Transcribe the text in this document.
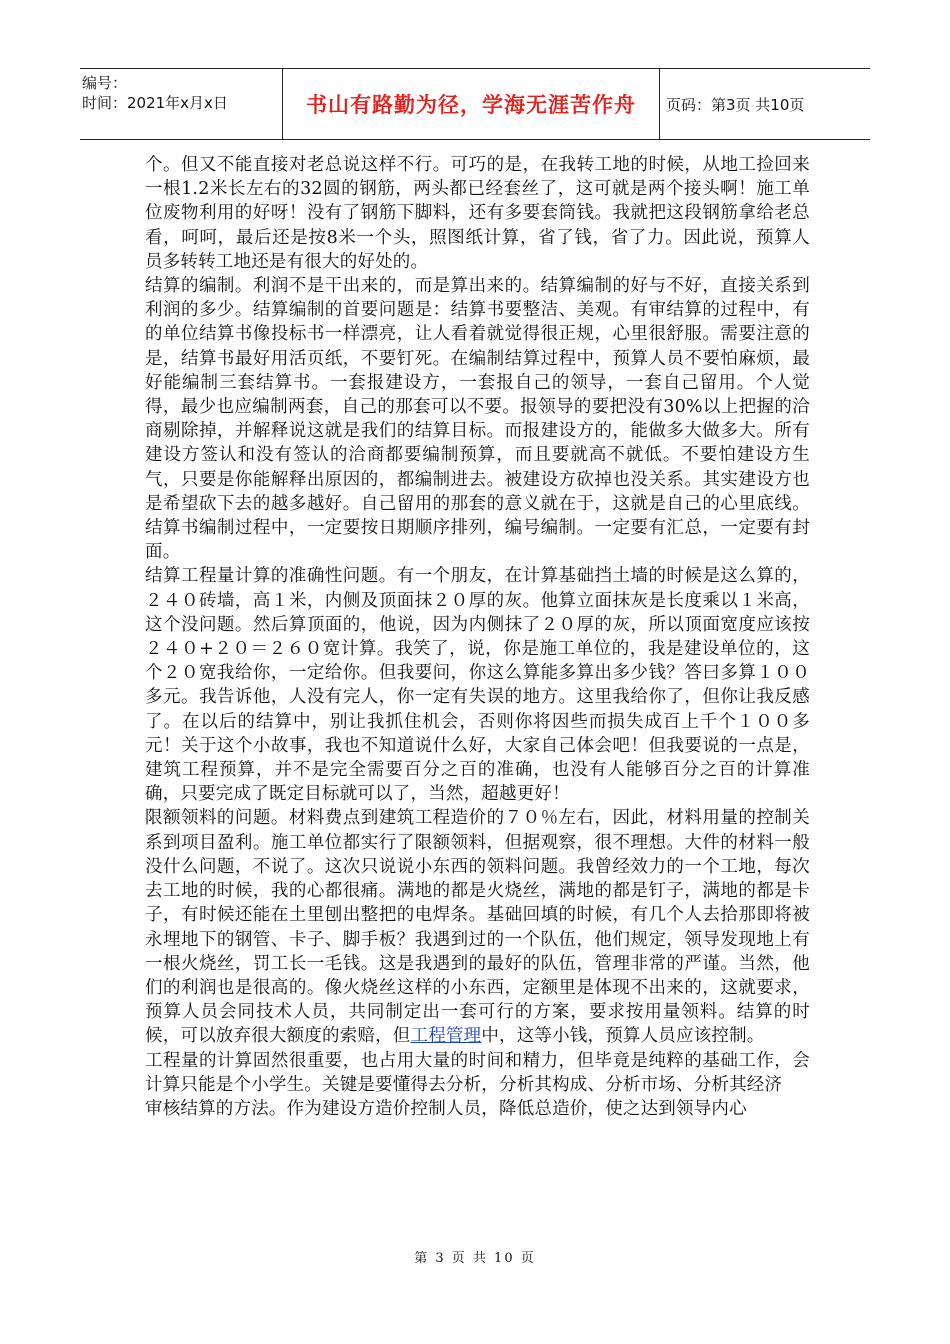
编号：
时间：2021年x月x日	书山有路勤为径，学海无涯苦作舟	页码：第3页 共10页

个。但又不能直接对老总说这样不行。可巧的是，在我转工地的时候，从地工捡回来一根1.2米长左右的32圆的钢筋，两头都已经套丝了，这可就是两个接头啊！施工单位废物利用的好呀！没有了钢筋下脚料，还有多要套筒钱。我就把这段钢筋拿给老总看，呵呵，最后还是按8米一个头，照图纸计算，省了钱，省了力。因此说，预算人员多转转工地还是有很大的好处的。

结算的编制。利润不是干出来的，而是算出来的。结算编制的好与不好，直接关系到利润的多少。结算编制的首要问题是：结算书要整洁、美观。有审结算的过程中，有的单位结算书像投标书一样漂亮，让人看着就觉得很正规，心里很舒服。需要注意的是，结算书最好用活页纸，不要钉死。在编制结算过程中，预算人员不要怕麻烦，最好能编制三套结算书。一套报建设方，一套报自己的领导，一套自己留用。个人觉得，最少也应编制两套，自己的那套可以不要。报领导的要把没有30%以上把握的洽商剔除掉，并解释说这就是我们的结算目标。而报建设方的，能做多大做多大。所有建设方签认和没有签认的洽商都要编制预算，而且要就高不就低。不要怕建设方生气，只要是你能解释出原因的，都编制进去。被建设方砍掉也没关系。其实建设方也是希望砍下去的越多越好。自己留用的那套的意义就在于，这就是自己的心里底线。结算书编制过程中，一定要按日期顺序排列，编号编制。一定要有汇总，一定要有封面。

结算工程量计算的准确性问题。有一个朋友，在计算基础挡土墙的时候是这么算的，２４０砖墙，高１米，内侧及顶面抹２０厚的灰。他算立面抹灰是长度乘以１米高，这个没问题。然后算顶面的，他说，因为内侧抹了２０厚的灰，所以顶面宽度应该按２４０+２０＝２６０宽计算。我笑了，说，你是施工单位的，我是建设单位的，这个２０宽我给你，一定给你。但我要问，你这么算能多算出多少钱？答曰多算１００多元。我告诉他，人没有完人，你一定有失误的地方。这里我给你了，但你让我反感了。在以后的结算中，别让我抓住机会，否则你将因些而损失成百上千个１００多元！关于这个小故事，我也不知道说什么好，大家自己体会吧！但我要说的一点是，建筑工程预算，并不是完全需要百分之百的准确，也没有人能够百分之百的计算准确，只要完成了既定目标就可以了，当然，超越更好！

限额领料的问题。材料费点到建筑工程造价的７０％左右，因此，材料用量的控制关系到项目盈利。施工单位都实行了限额领料，但据观察，很不理想。大件的材料一般没什么问题，不说了。这次只说说小东西的领料问题。我曾经效力的一个工地，每次去工地的时候，我的心都很痛。满地的都是火烧丝，满地的都是钉子，满地的都是卡子，有时候还能在土里刨出整把的电焊条。基础回填的时候，有几个人去拾那即将被永埋地下的钢管、卡子、脚手板？我遇到过的一个队伍，他们规定，领导发现地上有一根火烧丝，罚工长一毛钱。这是我遇到的最好的队伍，管理非常的严谨。当然，他们的利润也是很高的。像火烧丝这样的小东西，定额里是体现不出来的，这就要求，预算人员会同技术人员，共同制定出一套可行的方案，要求按用量领料。结算的时候，可以放弃很大额度的索赔，但工程管理中，这等小钱，预算人员应该控制。

工程量的计算固然很重要，也占用大量的时间和精力，但毕竟是纯粹的基础工作，会计算只能是个小学生。关键是要懂得去分析，分析其构成、分析市场、分析其经济

审核结算的方法。作为建设方造价控制人员，降低总造价，使之达到领导内心

第 3 页 共 10 页
